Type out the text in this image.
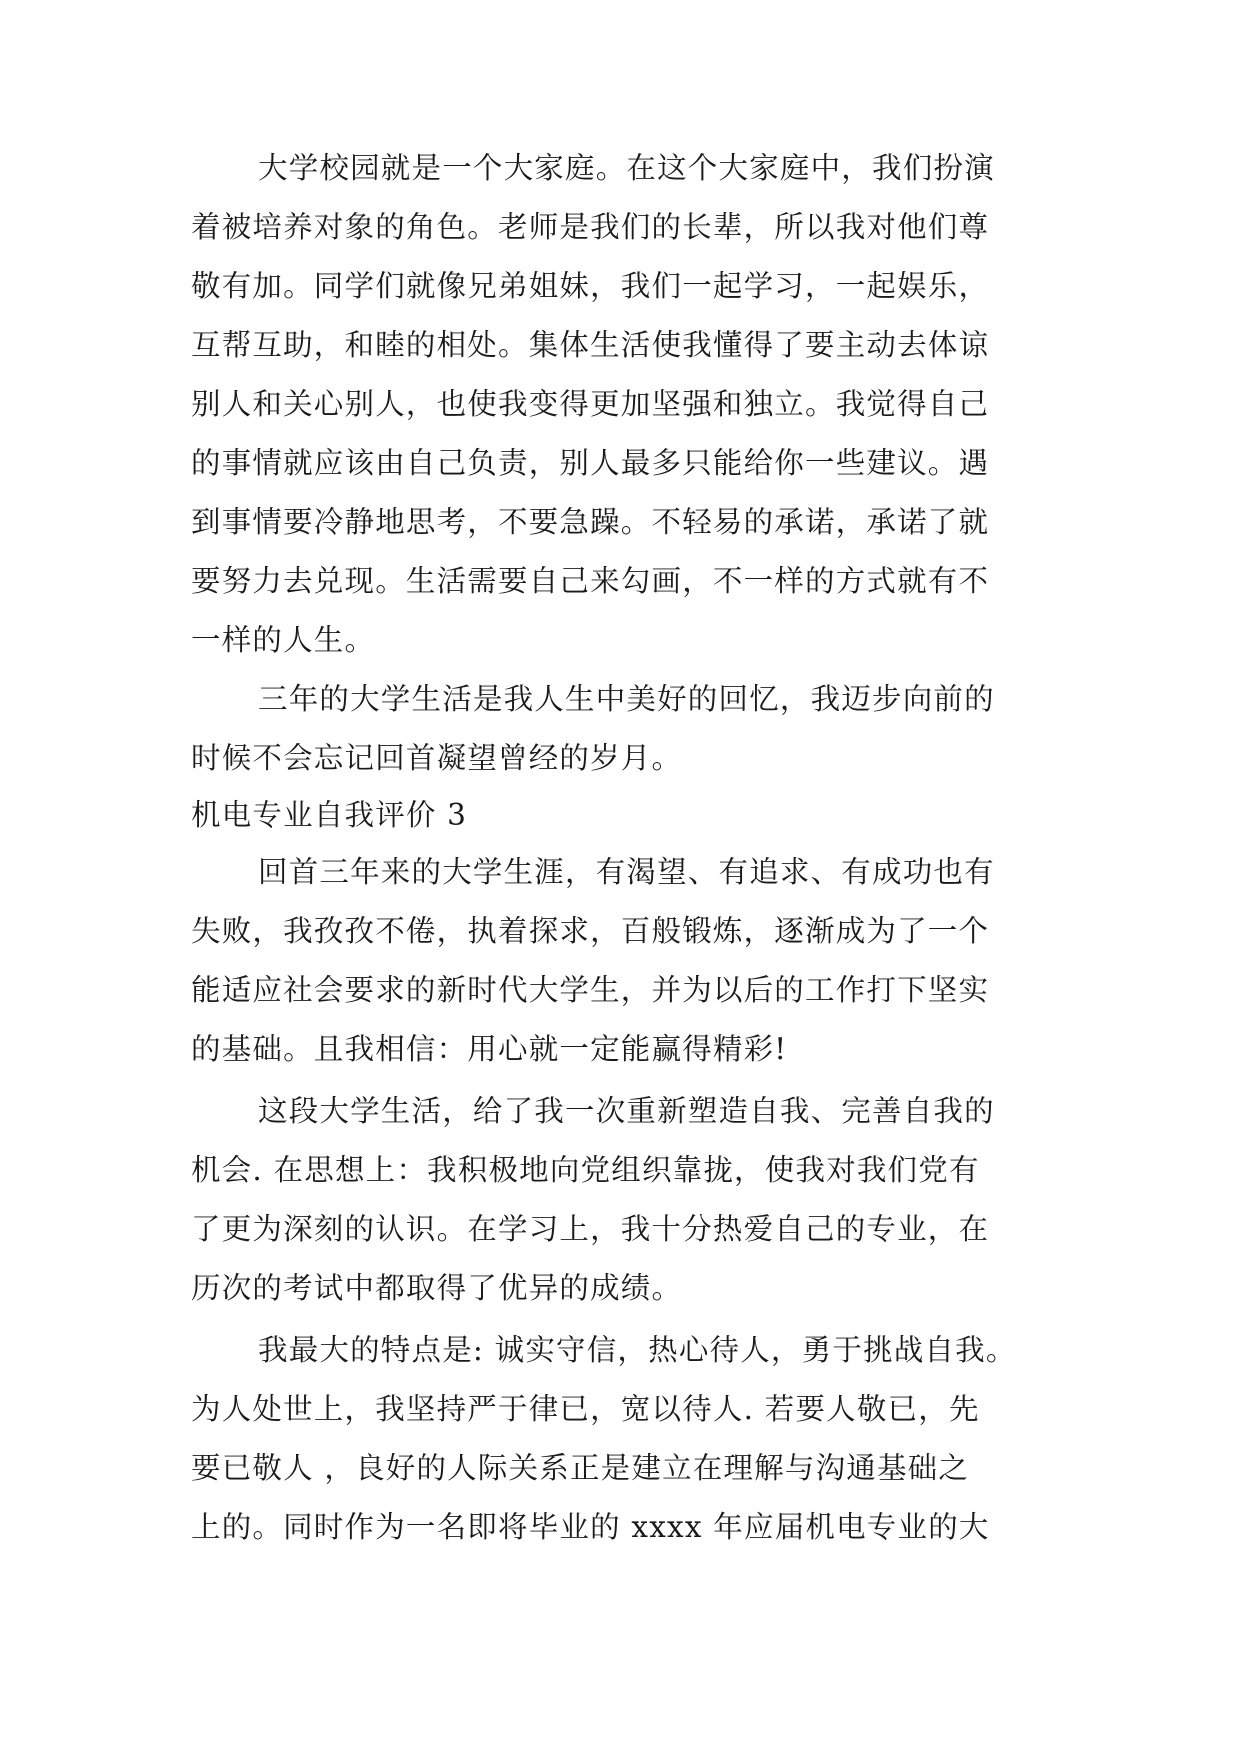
大学校园就是一个大家庭。在这个大家庭中，我们扮演
着被培养对象的角色。老师是我们的长辈，所以我对他们尊
敬有加。同学们就像兄弟姐妹，我们一起学习，一起娱乐，
互帮互助，和睦的相处。集体生活使我懂得了要主动去体谅
别人和关心别人，也使我变得更加坚强和独立。我觉得自己
的事情就应该由自己负责，别人最多只能给你一些建议。遇
到事情要冷静地思考，不要急躁。不轻易的承诺，承诺了就
要努力去兑现。生活需要自己来勾画，不一样的方式就有不
一样的人生。
三年的大学生活是我人生中美好的回忆，我迈步向前的
时候不会忘记回首凝望曾经的岁月。
机电专业自我评价 3
回首三年来的大学生涯，有渴望、有追求、有成功也有
失败，我孜孜不倦，执着探求，百般锻炼，逐渐成为了一个
能适应社会要求的新时代大学生，并为以后的工作打下坚实
的基础。且我相信：用心就一定能赢得精彩!
这段大学生活，给了我一次重新塑造自我、完善自我的
机会. 在思想上：我积极地向党组织靠拢，使我对我们党有
了更为深刻的认识。在学习上，我十分热爱自己的专业，在
历次的考试中都取得了优异的成绩。
我最大的特点是: 诚实守信，热心待人，勇于挑战自我。
为人处世上，我坚持严于律已，宽以待人. 若要人敬已，先
要已敬人 ，良好的人际关系正是建立在理解与沟通基础之
上的。同时作为一名即将毕业的 xxxx 年应届机电专业的大
